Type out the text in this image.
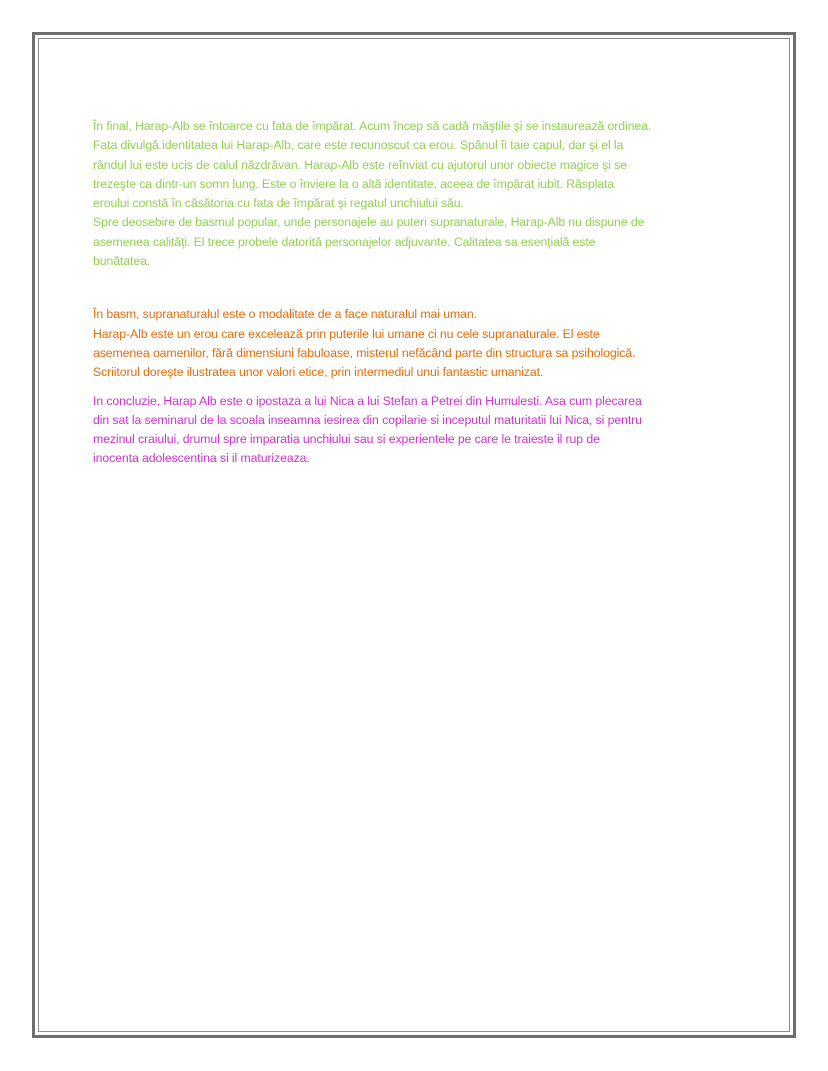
În final, Harap-Alb se întoarce cu fata de împărat. Acum încep să cadă măştile şi se instaurează ordinea.
Fata divulgă identitatea lui Harap-Alb, care este recunoscut ca erou. Spânul îi taie capul, dar şi el la
rândul lui este ucis de calul năzdrăvan. Harap-Alb este reînviat cu ajutorul unor obiecte magice şi se
trezeşte ca dintr-un somn lung. Este o înviere la o altă identitate, aceea de împărat iubit. Răsplata
eroului constă în căsătoria cu fata de împărat şi regatul unchiului său.

Spre deosebire de basmul popular, unde personajele au puteri supranaturale, Harap-Alb nu dispune de
asemenea calităţi. El trece probele datorită personajelor adjuvante. Calitatea sa esenţială este
bunătatea.

În basm, supranaturalul este o modalitate de a face naturalul mai uman.

Harap-Alb este un erou care excelează prin puterile lui umane ci nu cele supranaturale. El este
asemenea oamenilor, fără dimensiuni fabuloase, misterul nefăcând parte din structura sa psihologică.
Scriitorul doreşte ilustratea unor valori etice, prin intermediul unui fantastic umanizat.

In concluzie, Harap Alb este o ipostaza a lui Nica a lui Stefan a Petrei din Humulesti. Asa cum plecarea
din sat la seminarul de la scoala inseamna iesirea din copilarie si inceputul maturitatii lui Nica, si pentru
mezinul craiului, drumul spre imparatia unchiului sau si experientele pe care le traieste il rup de
inocenta adolescentina si il maturizeaza.
